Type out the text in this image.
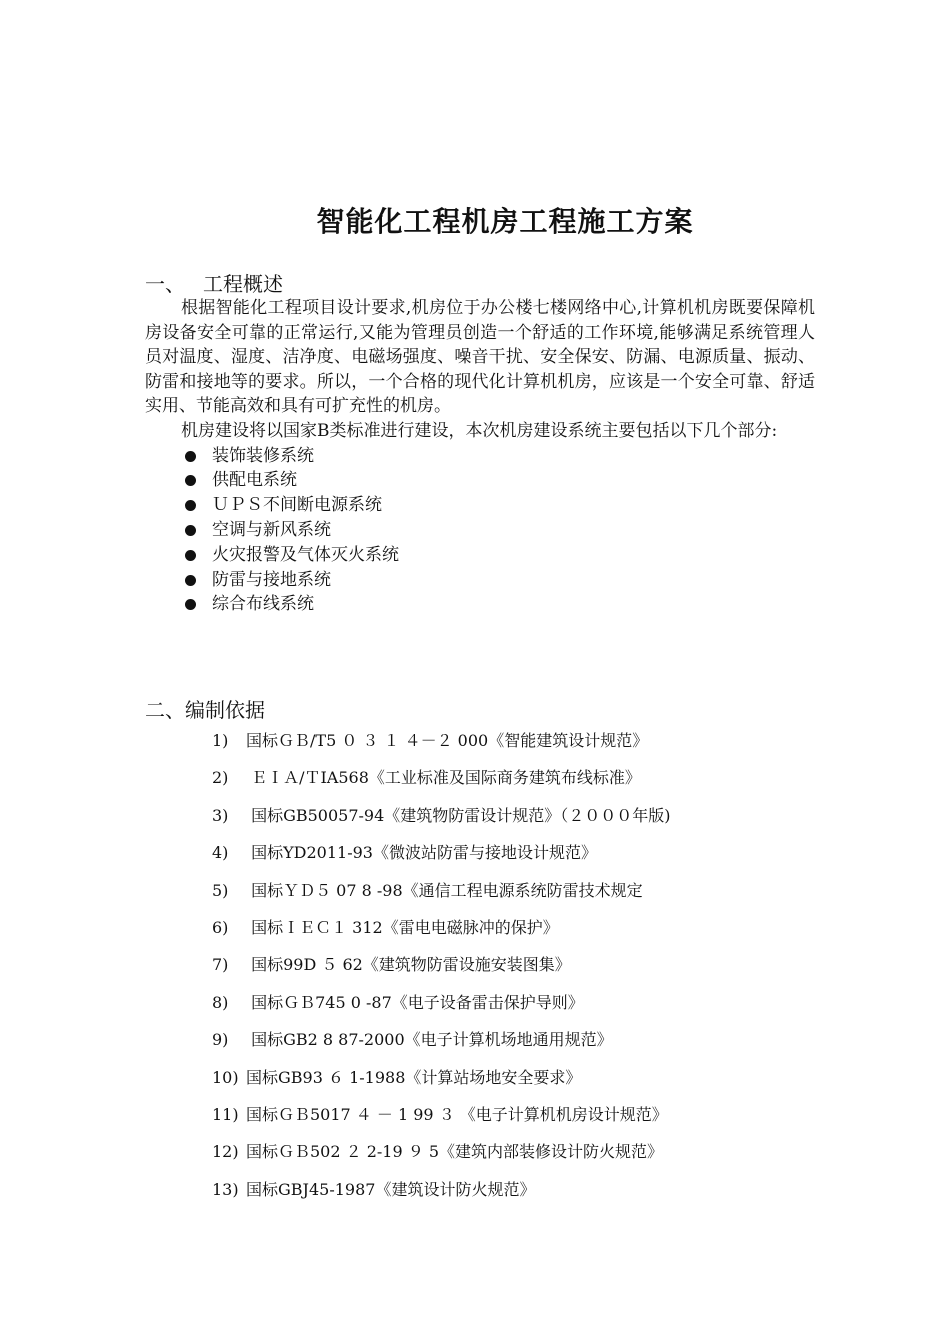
智能化工程机房工程施工方案

一、 工程概述

根据智能化工程项目设计要求,机房位于办公楼七楼网络中心,计算机机房既要保障机房设备安全可靠的正常运行,又能为管理员创造一个舒适的工作环境,能够满足系统管理人员对温度、湿度、洁净度、电磁场强度、噪音干扰、安全保安、防漏、电源质量、振动、防雷和接地等的要求。所以，一个合格的现代化计算机机房，应该是一个安全可靠、舒适实用、节能高效和具有可扩充性的机房。

机房建设将以国家B类标准进行建设，本次机房建设系统主要包括以下几个部分:

装饰装修系统
供配电系统
ＵＰＳ不间断电源系统
空调与新风系统
火灾报警及气体灭火系统
防雷与接地系统
综合布线系统

二、编制依据

1) 国标ＧＢ/T5 ０ ３ １ ４－２ 000《智能建筑设计规范》
2) ＥＩＡ/ＴIA568《工业标准及国际商务建筑布线标准》
3) 国标GB50057-94《建筑物防雷设计规范》（２０００年版)
4) 国标YD2011-93《微波站防雷与接地设计规范》
5) 国标ＹＤ５ 07 8 -98《通信工程电源系统防雷技术规定
6) 国标ＩＥＣ１ 312《雷电电磁脉冲的保护》
7) 国标99D ５ 62《建筑物防雷设施安装图集》
8) 国标ＧＢ745 0 -87《电子设备雷击保护导则》
9) 国标GB2 8 87-2000《电子计算机场地通用规范》
10) 国标GB93 ６ 1-1988《计算站场地安全要求》
11) 国标ＧＢ5017 ４ － 1 99 ３ 《电子计算机机房设计规范》
12) 国标ＧＢ502 ２ 2-19 ９ 5《建筑内部装修设计防火规范》
13) 国标GBJ45-1987《建筑设计防火规范》
